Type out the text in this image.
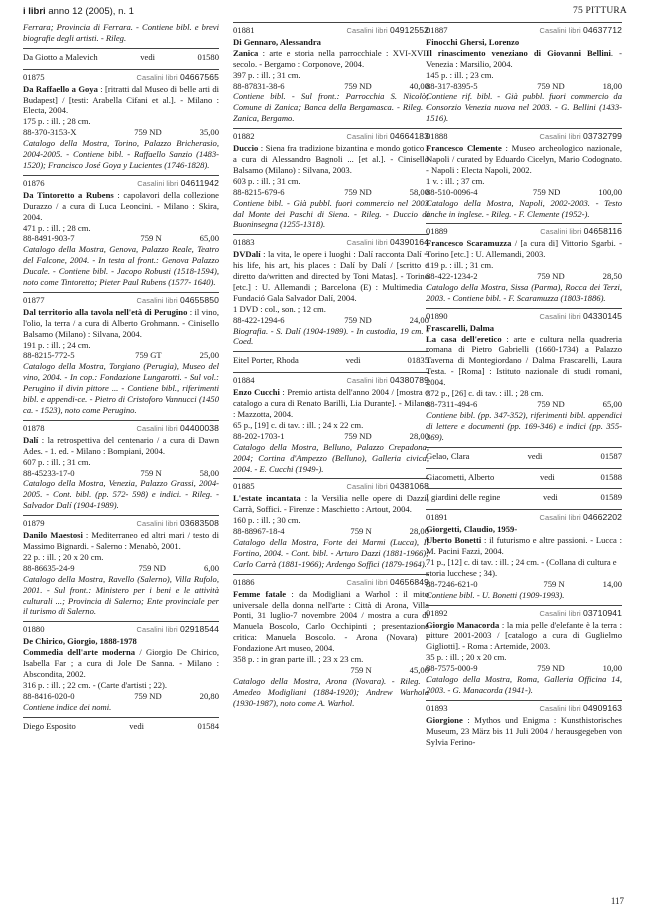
i libri anno 12 (2005), n. 1	75 PITTURA
Ferrara; Provincia di Ferrara. - Contiene bibl. e brevi biografie degli artisti. - Rileg.
Da Giotto a Malevich	vedi	01580
01875	Casalini libri 04667565
Da Raffaello a Goya : [ritratti dal Museo di belle arti di Budapest] / [testi: Arabella Cifani et al.]. - Milano : Electa, 2004.
175 p. : ill. ; 28 cm.
88-370-3153-X	759 ND	35,00
Catalogo della Mostra, Torino, Palazzo Bricherasio, 2004-2005. - Contiene bibl. - Raffaello Sanzio (1483-1520); Francisco José Goya y Lucientes (1746-1828).
01876	Casalini libri 04611942
Da Tintoretto a Rubens : capolavori della collezione Durazzo / a cura di Luca Leoncini. - Milano : Skira, 2004.
471 p. : ill. ; 28 cm.
88-8491-903-7	759 N	65,00
Catalogo della Mostra, Genova, Palazzo Reale, Teatro del Falcone, 2004. - In testa al front.: Genova Palazzo Ducale. - Contiene bibl. - Jacopo Robusti (1518-1594), noto come Tintoretto; Pieter Paul Rubens (1577- 1640).
01877	Casalini libri 04655850
Dal territorio alla tavola nell'età di Perugino : il vino, l'olio, la terra / a cura di Alberto Grohmann. - Cinisello Balsamo (Milano) : Silvana, 2004.
191 p. : ill. ; 24 cm.
88-8215-772-5	759 GT	25,00
Catalogo della Mostra, Torgiano (Perugia), Museo del vino, 2004. - In cop.: Fondazione Lungarotti. - Sul vol.: Perugino il divin pittore ... - Contiene bibl., riferimenti bibl. e appendi-ce. - Pietro di Cristoforo Vannucci (1450 ca. - 1523), noto come Perugino.
01878	Casalini libri 04400038
Dalí : la retrospettiva del centenario / a cura di Dawn Ades. - 1. ed. - Milano : Bompiani, 2004.
607 p. : ill. ; 31 cm.
88-45233-17-0	759 N	58,00
Catalogo della Mostra, Venezia, Palazzo Grassi, 2004-2005. - Cont. bibl. (pp. 572- 598) e indici. - Rileg. - Salvador Dalí (1904-1989).
01879	Casalini libri 03683508
Danilo Maestosi : Mediterraneo ed altri mari / testo di Massimo Bignardi. - Salerno : Menabò, 2001.
22 p. : ill. ; 20 x 20 cm.
88-86635-24-9	759 ND	6,00
Catalogo della Mostra, Ravello (Salerno), Villa Rufolo, 2001. - Sul front.: Ministero per i beni e le attività culturali ...; Provincia di Salerno; Ente provinciale per il turismo di Salerno.
01880	Casalini libri 02918544
De Chirico, Giorgio, 1888-1978
Commedia dell'arte moderna / Giorgio De Chirico, Isabella Far ; a cura di Jole De Sanna. - Milano : Abscondita, 2002.
316 p. : ill. ; 22 cm. - (Carte d'artisti ; 22).
88-8416-020-0	759 ND	20,80
Contiene indice dei nomi.
Diego Esposito	vedi	01584
01881	Casalini libri 04912552
Di Gennaro, Alessandra
Zanica : arte e storia nella parrocchiale : XVI-XVII secolo. - Bergamo : Corponove, 2004.
397 p. : ill. ; 31 cm.
88-87831-38-6	759 ND	40,00
Contiene bibl. - Sul front.: Parrocchia S. Nicolò; Comune di Zanica; Banca della Bergamasca. - Rileg. - Zanica, Bergamo.
01882	Casalini libri 04664183
Duccio : Siena fra tradizione bizantina e mondo gotico / a cura di Alessandro Bagnoli ... [et al.]. - Cinisello Balsamo (Milano) : Silvana, 2003.
603 p. : ill. ; 31 cm.
88-8215-679-6	759 ND	58,00
Contiene bibl. - Già pubbl. fuori commercio nel 2003 dal Monte dei Paschi di Siena. - Rileg. - Duccio di Buoninsegna (1255-1318).
01883	Casalini libri 04390164
DVDalí : la vita, le opere i luoghi : Dalí racconta Dalí = his life, his art, his places : Dalí by Dalí / [scritto e diretto da/written and directed by Toni Matas]. - Torino [etc.] : U. Allemandi ; Barcelona (E) : Multimedia : Fundació Gala Salvador Dalí, 2004.
1 DVD : col., son. ; 12 cm.
88-422-1294-6	759 ND	24,00
Biografia. - S. Dalí (1904-1989). - In custodia, 19 cm. - Coed.
Eitel Porter, Rhoda	vedi	01835
01884	Casalini libri 04380789
Enzo Cucchi : Premio artista dell'anno 2004 / [mostra e catalogo a cura di Renato Barilli, Lia Durante]. - Milano : Mazzotta, 2004.
65 p., [19] c. di tav. : ill. ; 24 x 22 cm.
88-202-1703-1	759 ND	28,00
Catalogo della Mostra, Belluno, Palazzo Crepadona, 2004; Cortina d'Ampezzo (Belluno), Galleria civica, 2004. - E. Cucchi (1949-).
01885	Casalini libri 04381068
L'estate incantata : la Versilia nelle opere di Dazzi, Carrà, Soffici. - Firenze : Maschietto : Artout, 2004.
160 p. : ill. ; 30 cm.
88-88967-18-4	759 N	28,00
Catalogo della Mostra, Forte dei Marmi (Lucca), Il Fortino, 2004. - Cont. bibl. - Arturo Dazzi (1881-1966); Carlo Carrà (1881-1966); Ardengo Soffici (1879-1964).
01886	Casalini libri 04656849
Femme fatale : da Modigliani a Warhol : il mito universale della donna nell'arte : Città di Arona, Villa Ponti, 31 luglio-7 novembre 2004 / mostra a cura di Manuela Boscolo, Carlo Occhipinti ; presentazione critica: Manuela Boscolo. - Arona (Novara) : Fondazione Art museo, 2004.
358 p. : in gran parte ill. ; 23 x 23 cm.
759 N	45,00
Catalogo della Mostra, Arona (Novara). - Rileg. - Amedeo Modigliani (1884-1920); Andrew Warhola (1930-1987), noto come A. Warhol.
01887	Casalini libri 04637712
Finocchi Ghersi, Lorenzo
Il rinascimento veneziano di Giovanni Bellini. - Venezia : Marsilio, 2004.
145 p. : ill. ; 23 cm.
88-317-8395-5	759 ND	18,00
Contiene rif. bibl. - Già pubbl. fuori commercio da Consorzio Venezia nuova nel 2003. - G. Bellini (1433-1516).
01888	Casalini libri 03732799
Francesco Clemente : Museo archeologico nazionale, Napoli / curated by Eduardo Cicelyn, Mario Codognato. - Napoli : Electa Napoli, 2002.
1 v. : ill. ; 37 cm.
88-510-0096-4	759 ND	100,00
Catalogo della Mostra, Napoli, 2002-2003. - Testo anche in inglese. - Rileg. - F. Clemente (1952-).
01889	Casalini libri 04658116
Francesco Scaramuzza / [a cura di] Vittorio Sgarbi. - Torino [etc.] : U. Allemandi, 2003.
119 p. : ill. ; 31 cm.
88-422-1234-2	759 ND	28,50
Catalogo della Mostra, Sissa (Parma), Rocca dei Terzi, 2003. - Contiene bibl. - F. Scaramuzza (1803-1886).
01890	Casalini libri 04330145
Frascarelli, Dalma
La casa dell'eretico : arte e cultura nella quadreria romana di Pietro Gabrielli (1660-1734) a Palazzo Taverna di Montegiordano / Dalma Frascarelli, Laura Testa. - [Roma] : Istituto nazionale di studi romani, 2004.
372 p., [26] c. di tav. : ill. ; 28 cm.
88-7311-494-6	759 ND	65,00
Contiene bibl. (pp. 347-352), riferimenti bibl. appendici di lettere e documenti (pp. 169-346) e indici (pp. 355-369).
Gelao, Clara	vedi	01587
Giacometti, Alberto	vedi	01588
I giardini delle regine	vedi	01589
01891	Casalini libri 04662202
Giorgetti, Claudio, 1959-
Uberto Bonetti : il futurismo e altre passioni. - Lucca : M. Pacini Fazzi, 2004.
71 p., [12] c. di tav. : ill. ; 24 cm. - (Collana di cultura e storia lucchese ; 34).
88-7246-621-0	759 N	14,00
Contiene bibl. - U. Bonetti (1909-1993).
01892	Casalini libri 03710941
Giorgio Manacorda : la mia pelle d'elefante è la terra : pitture 2001-2003 / [catalogo a cura di Guglielmo Gigliotti]. - Roma : Artemide, 2003.
35 p. : ill. ; 20 x 20 cm.
88-7575-000-9	759 ND	10,00
Catalogo della Mostra, Roma, Galleria Officina 14, 2003. - G. Manacorda (1941-).
01893	Casalini libri 04909163
Giorgione : Mythos und Enigma : Kunsthistorisches Museum, 23 März bis 11 Juli 2004 / herausgegeben von Sylvia Ferino-
117
